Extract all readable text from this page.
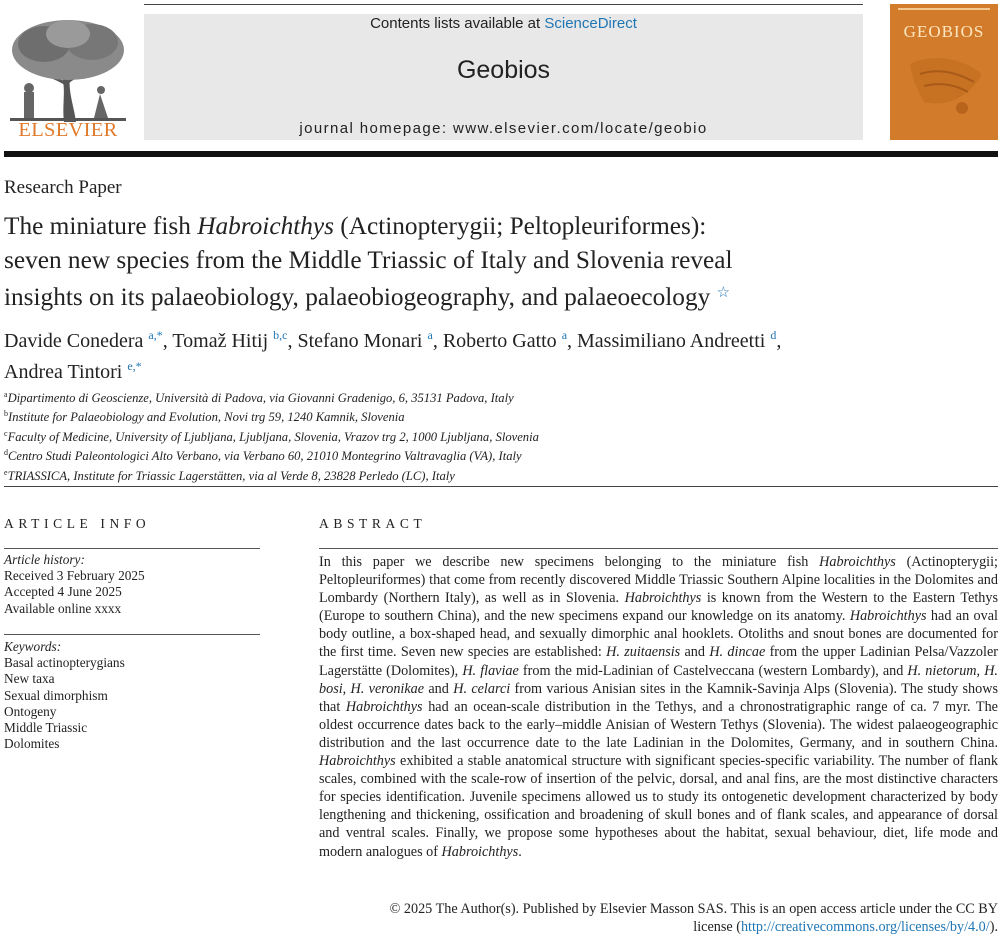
ELSEVIER
Contents lists available at ScienceDirect
Geobios
journal homepage: www.elsevier.com/locate/geobio
GEOBIOS
Research Paper
The miniature fish Habroichthys (Actinopterygii; Peltopleuriformes):
seven new species from the Middle Triassic of Italy and Slovenia reveal
insights on its palaeobiology, palaeobiogeography, and palaeoecology ☆
Davide Conedera $^{a,*}$, Tomaž Hitij $^{b,c}$, Stefano Monari $^a$, Roberto Gatto $^a$, Massimiliano Andreetti $^d$,
Andrea Tintori $^{e,*}$
$^a$Dipartimento di Geoscienze, Università di Padova, via Giovanni Gradenigo, 6, 35131 Padova, Italy
$^b$Institute for Palaeobiology and Evolution, Novi trg 59, 1240 Kamnik, Slovenia
$^c$Faculty of Medicine, University of Ljubljana, Ljubljana, Slovenia, Vrazov trg 2, 1000 Ljubljana, Slovenia
$^d$Centro Studi Paleontologici Alto Verbano, via Verbano 60, 21010 Montegrino Valtravaglia (VA), Italy
$^e$TRIASSICA, Institute for Triassic Lagerstätten, via al Verde 8, 23828 Perledo (LC), Italy
ARTICLE INFO
Article history:
Received 3 February 2025
Accepted 4 June 2025
Available online xxxx
Keywords:
Basal actinopterygians
New taxa
Sexual dimorphism
Ontogeny
Middle Triassic
Dolomites
ABSTRACT
In this paper we describe new specimens belonging to the miniature fish Habroichthys (Actinopterygii; Peltopleuriformes) that come from recently discovered Middle Triassic Southern Alpine localities in the Dolomites and Lombardy (Northern Italy), as well as in Slovenia. Habroichthys is known from the Western to the Eastern Tethys (Europe to southern China), and the new specimens expand our knowledge on its anatomy. Habroichthys had an oval body outline, a box-shaped head, and sexually dimorphic anal hooklets. Otoliths and snout bones are documented for the first time. Seven new species are established: H. zuitaensis and H. dincae from the upper Ladinian Pelsa/Vazzoler Lagerstätte (Dolomites), H. flaviae from the mid-Ladinian of Castelveccana (western Lombardy), and H. nietorum, H. bosi, H. veronikae and H. celarci from various Anisian sites in the Kamnik-Savinja Alps (Slovenia). The study shows that Habroichthys had an ocean-scale distribution in the Tethys, and a chronostratigraphic range of ca. 7 myr. The oldest occurrence dates back to the early–middle Anisian of Western Tethys (Slovenia). The widest palaeogeographic distribution and the last occurrence date to the late Ladinian in the Dolomites, Germany, and in southern China. Habroichthys exhibited a stable anatomical structure with significant species-specific variability. The number of flank scales, combined with the scale-row of insertion of the pelvic, dorsal, and anal fins, are the most distinctive characters for species identification. Juvenile specimens allowed us to study its ontogenetic development characterized by body lengthening and thickening, ossification and broadening of skull bones and of flank scales, and appearance of dorsal and ventral scales. Finally, we propose some hypotheses about the habitat, sexual behaviour, diet, life mode and modern analogues of Habroichthys.
© 2025 The Author(s). Published by Elsevier Masson SAS. This is an open access article under the CC BY
license (http://creativecommons.org/licenses/by/4.0/).
